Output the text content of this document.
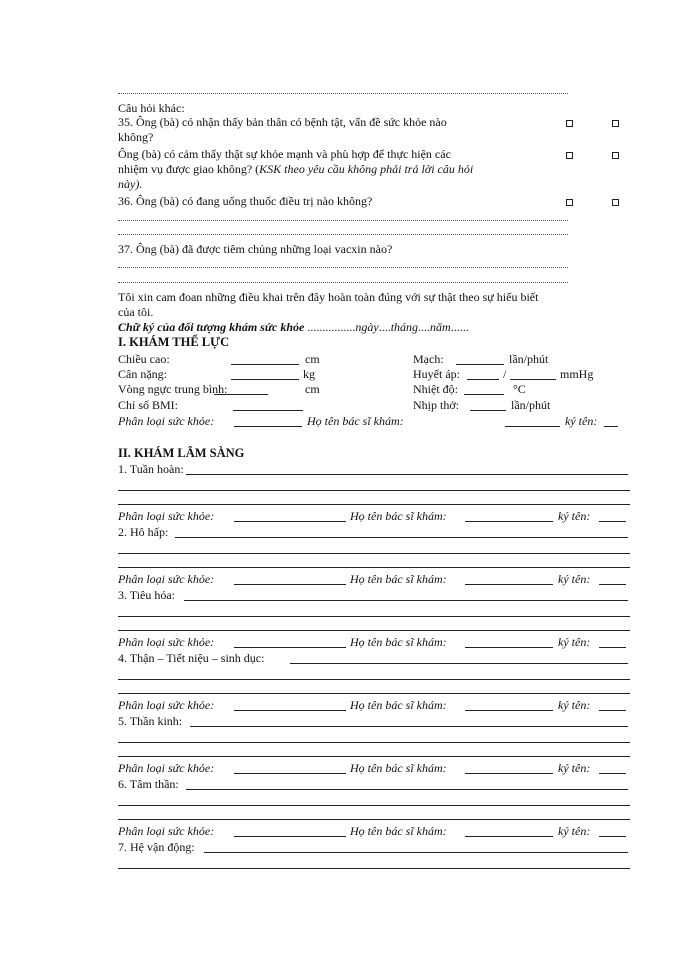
Câu hỏi khác:
35. Ông (bà) có nhận thấy bản thân có bệnh tật, vấn đề sức khỏe nào
không?
Ông (bà) có cảm thấy thật sự khỏe mạnh và phù hợp để thực hiện các
nhiệm vụ được giao không? (KSK theo yêu cầu không phải trả lời câu hỏi
này).
36. Ông (bà) có đang uống thuốc điều trị nào không?
37. Ông (bà) đã được tiêm chủng những loại vacxin nào?
Tôi xin cam đoan những điều khai trên đây hoàn toàn đúng với sự thật theo sự hiểu biết
của tôi.
Chữ ký của đối tượng khám sức khỏe ................ngày....tháng....năm......
I. KHÁM THỂ LỰC
Chiều cao:	cm
Cân nặng:	kg
Vòng ngực trung bình:	cm
Chỉ số BMI:
Mạch:	lần/phút
Huyết áp:	/	mmHg
Nhiệt độ:	°C
Nhịp thở:	lần/phút
Phân loại sức khỏe:	Họ tên bác sĩ khám:	ký tên:
II. KHÁM LÂM SÀNG
1. Tuần hoàn:
Phân loại sức khỏe:	Họ tên bác sĩ khám:	ký tên:
2. Hô hấp:
Phân loại sức khỏe:	Họ tên bác sĩ khám:	ký tên:
3. Tiêu hóa:
Phân loại sức khỏe:	Họ tên bác sĩ khám:	ký tên:
4. Thận – Tiết niệu – sinh dục:
Phân loại sức khỏe:	Họ tên bác sĩ khám:	ký tên:
5. Thần kinh:
Phân loại sức khỏe:	Họ tên bác sĩ khám:	ký tên:
6. Tâm thần:
Phân loại sức khỏe:	Họ tên bác sĩ khám:	ký tên:
7. Hệ vận động:
